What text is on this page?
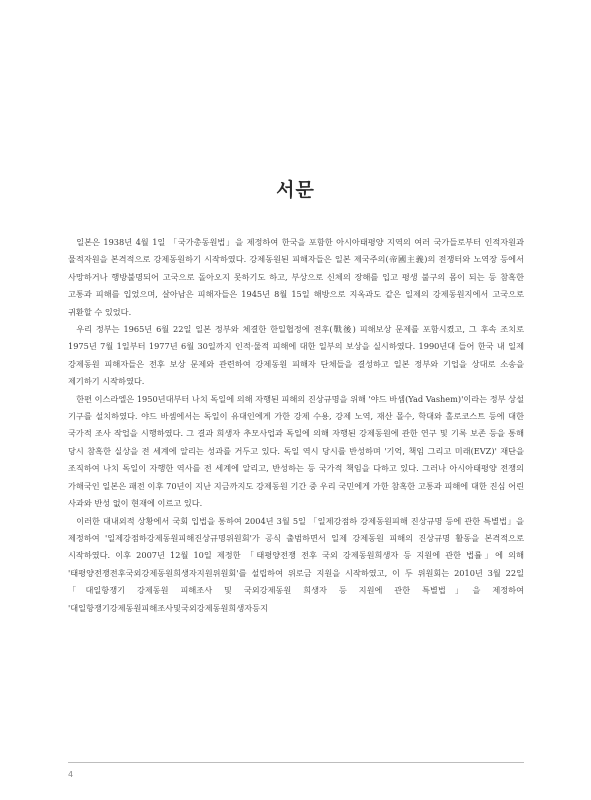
서문

일본은 1938년 4월 1일 「국가총동원법」을 제정하여 한국을 포함한 아시아태평양 지역의 여러 국가들로부터 인적자원과 물적자원을 본격적으로 강제동원하기 시작하였다. 강제동원된 피해자들은 일본 제국주의(帝國主義)의 전쟁터와 노역장 등에서 사망하거나 행방불명되어 고국으로 돌아오지 못하기도 하고, 부상으로 신체의 장해를 입고 평생 불구의 몸이 되는 등 참혹한 고통과 피해를 입었으며, 살아남은 피해자들은 1945년 8월 15일 해방으로 지옥과도 같은 일제의 강제동원지에서 고국으로 귀환할 수 있었다.

우리 정부는 1965년 6월 22일 일본 정부와 체결한 한일협정에 전후(戰後) 피해보상 문제를 포함시켰고, 그 후속 조치로 1975년 7월 1일부터 1977년 6월 30일까지 인적·물적 피해에 대한 일부의 보상을 실시하였다. 1990년대 들어 한국 내 일제 강제동원 피해자들은 전후 보상 문제와 관련하여 강제동원 피해자 단체들을 결성하고 일본 정부와 기업을 상대로 소송을 제기하기 시작하였다.

한편 이스라엘은 1950년대부터 나치 독일에 의해 자행된 피해의 진상규명을 위해 '야드 바셈(Yad Vashem)'이라는 정부 상설 기구를 설치하였다. 야드 바셈에서는 독일이 유대인에게 가한 강제 수용, 강제 노역, 재산 몰수, 학대와 홀로코스트 등에 대한 국가적 조사 작업을 시행하였다. 그 결과 희생자 추모사업과 독일에 의해 자행된 강제동원에 관한 연구 및 기록 보존 등을 통해 당시 참혹한 실상을 전 세계에 알리는 성과를 거두고 있다. 독일 역시 당시를 반성하며 '기억, 책임 그리고 미래(EVZ)' 재단을 조직하여 나치 독일이 자행한 역사를 전 세계에 알리고, 반성하는 등 국가적 책임을 다하고 있다. 그러나 아시아태평양 전쟁의 가해국인 일본은 패전 이후 70년이 지난 지금까지도 강제동원 기간 중 우리 국민에게 가한 참혹한 고통과 피해에 대한 진심 어린 사과와 반성 없이 현재에 이르고 있다.

이러한 대내외적 상황에서 국회 입법을 통하여 2004년 3월 5일 「일제강점하 강제동원피해 진상규명 등에 관한 특별법」을 제정하여 '일제강점하강제동원피해진상규명위원회'가 공식 출범하면서 일제 강제동원 피해의 진상규명 활동을 본격적으로 시작하였다. 이후 2007년 12월 10일 제정한 「태평양전쟁 전후 국외 강제동원희생자 등 지원에 관한 법률」에 의해 '태평양전쟁전후국외강제동원희생자지원위원회'를 설립하여 위로금 지원을 시작하였고, 이 두 위원회는 2010년 3월 22일 「대일항쟁기 강제동원 피해조사 및 국외강제동원 희생자 등 지원에 관한 특별법」을 제정하여 '대일항쟁기강제동원피해조사및국외강제동원희생자등지

4
